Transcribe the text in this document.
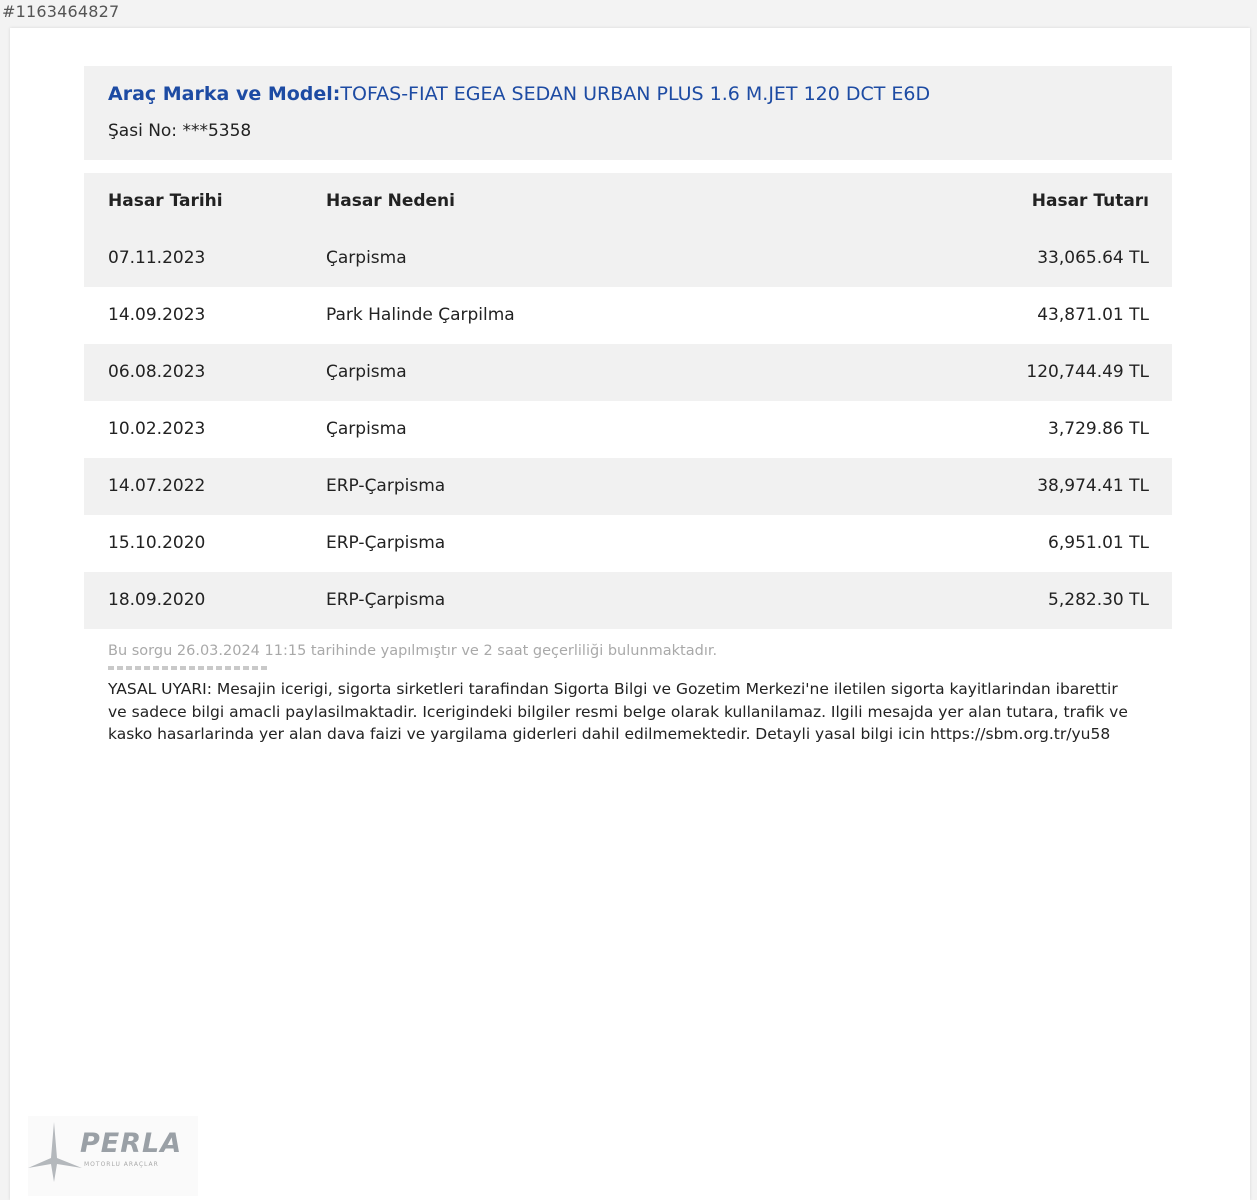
#1163464827
Araç Marka ve Model:TOFAS-FIAT EGEA SEDAN URBAN PLUS 1.6 M.JET 120 DCT E6D
Şasi No: ***5358
Hasar Tarihi	Hasar Nedeni	Hasar Tutarı
07.11.2023	Çarpisma	33,065.64 TL
14.09.2023	Park Halinde Çarpilma	43,871.01 TL
06.08.2023	Çarpisma	120,744.49 TL
10.02.2023	Çarpisma	3,729.86 TL
14.07.2022	ERP-Çarpisma	38,974.41 TL
15.10.2020	ERP-Çarpisma	6,951.01 TL
18.09.2020	ERP-Çarpisma	5,282.30 TL
Bu sorgu 26.03.2024 11:15 tarihinde yapılmıştır ve 2 saat geçerliliği bulunmaktadır.
YASAL UYARI: Mesajin icerigi, sigorta sirketleri tarafindan Sigorta Bilgi ve Gozetim Merkezi'ne iletilen sigorta kayitlarindan ibarettir ve sadece bilgi amacli paylasilmaktadir. Icerigindeki bilgiler resmi belge olarak kullanilamaz. Ilgili mesajda yer alan tutara, trafik ve kasko hasarlarinda yer alan dava faizi ve yargilama giderleri dahil edilmemektedir. Detayli yasal bilgi icin https://sbm.org.tr/yu58
PERLA
MOTORLU ARAÇLAR
